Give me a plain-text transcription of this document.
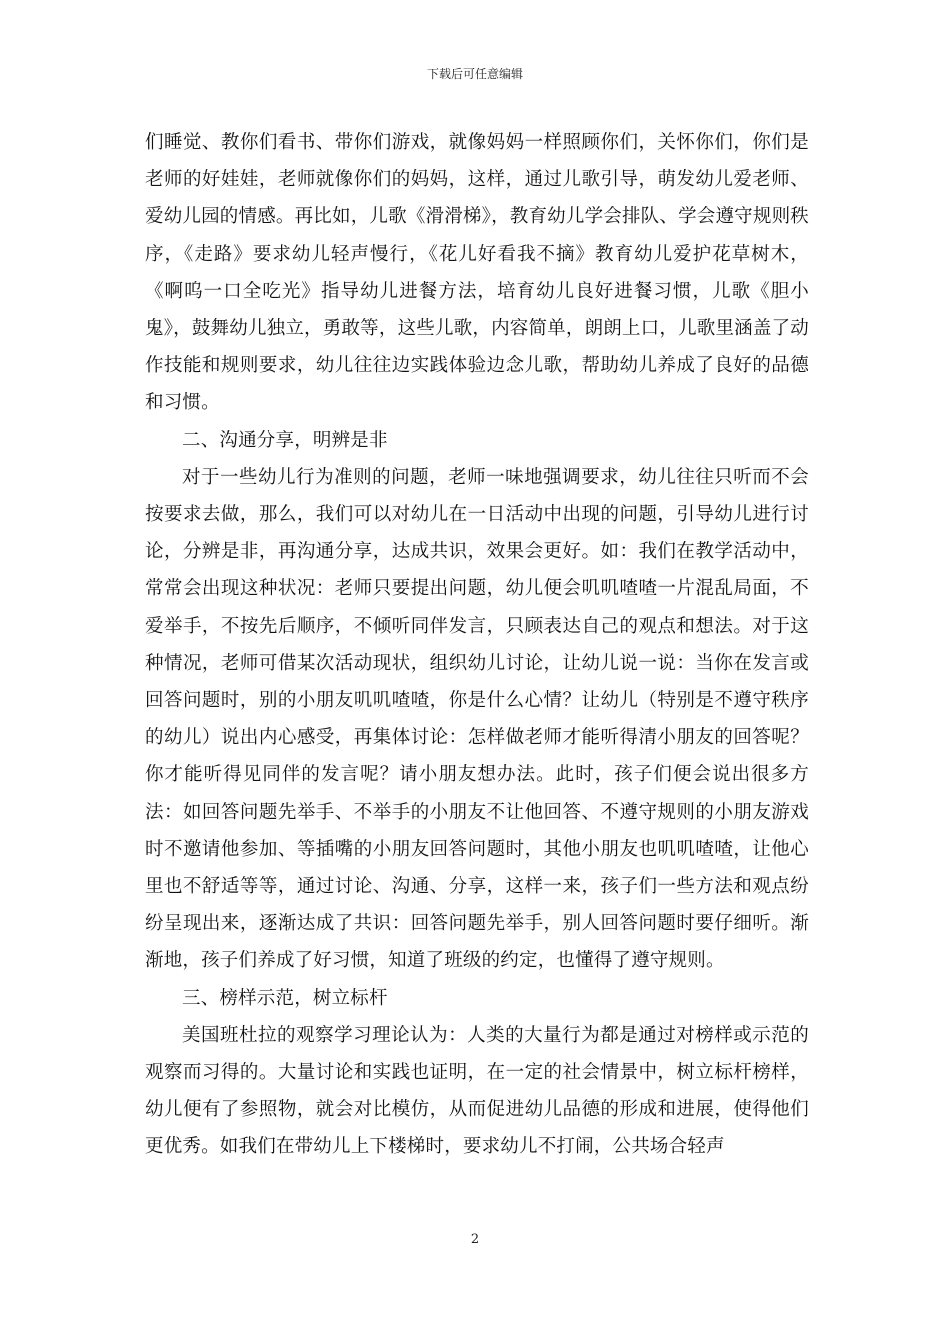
下载后可任意编辑

们睡觉、教你们看书、带你们游戏，就像妈妈一样照顾你们，关怀你们，你们是老师的好娃娃，老师就像你们的妈妈，这样，通过儿歌引导，萌发幼儿爱老师、爱幼儿园的情感。再比如，儿歌《滑滑梯》，教育幼儿学会排队、学会遵守规则秩序，《走路》要求幼儿轻声慢行，《花儿好看我不摘》教育幼儿爱护花草树木，《啊呜一口全吃光》指导幼儿进餐方法，培育幼儿良好进餐习惯，儿歌《胆小鬼》，鼓舞幼儿独立，勇敢等，这些儿歌，内容简单，朗朗上口，儿歌里涵盖了动作技能和规则要求，幼儿往往边实践体验边念儿歌，帮助幼儿养成了良好的品德和习惯。

二、沟通分享，明辨是非

对于一些幼儿行为准则的问题，老师一味地强调要求，幼儿往往只听而不会按要求去做，那么，我们可以对幼儿在一日活动中出现的问题，引导幼儿进行讨论，分辨是非，再沟通分享，达成共识，效果会更好。如：我们在教学活动中，常常会出现这种状况：老师只要提出问题，幼儿便会叽叽喳喳一片混乱局面，不爱举手，不按先后顺序，不倾听同伴发言，只顾表达自己的观点和想法。对于这种情况，老师可借某次活动现状，组织幼儿讨论，让幼儿说一说：当你在发言或回答问题时，别的小朋友叽叽喳喳，你是什么心情？让幼儿（特别是不遵守秩序的幼儿）说出内心感受，再集体讨论：怎样做老师才能听得清小朋友的回答呢？你才能听得见同伴的发言呢？请小朋友想办法。此时，孩子们便会说出很多方法：如回答问题先举手、不举手的小朋友不让他回答、不遵守规则的小朋友游戏时不邀请他参加、等插嘴的小朋友回答问题时，其他小朋友也叽叽喳喳，让他心里也不舒适等等，通过讨论、沟通、分享，这样一来，孩子们一些方法和观点纷纷呈现出来，逐渐达成了共识：回答问题先举手，别人回答问题时要仔细听。渐渐地，孩子们养成了好习惯，知道了班级的约定，也懂得了遵守规则。

三、榜样示范，树立标杆

美国班杜拉的观察学习理论认为：人类的大量行为都是通过对榜样或示范的观察而习得的。大量讨论和实践也证明，在一定的社会情景中，树立标杆榜样，幼儿便有了参照物，就会对比模仿，从而促进幼儿品德的形成和进展，使得他们更优秀。如我们在带幼儿上下楼梯时，要求幼儿不打闹，公共场合轻声

2
